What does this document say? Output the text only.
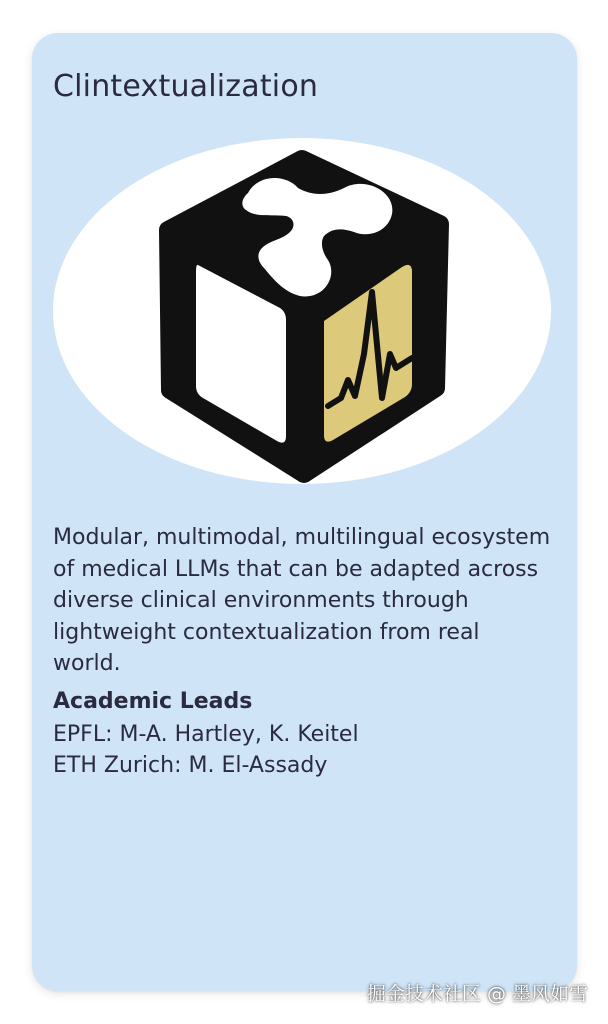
Clintextualization

Modular, multimodal, multilingual ecosystem of medical LLMs that can be adapted across diverse clinical environments through lightweight contextualization from real world.

Academic Leads
EPFL: M-A. Hartley, K. Keitel
ETH Zurich: M. El-Assady
掘金技术社区 @ 墨风如雪
